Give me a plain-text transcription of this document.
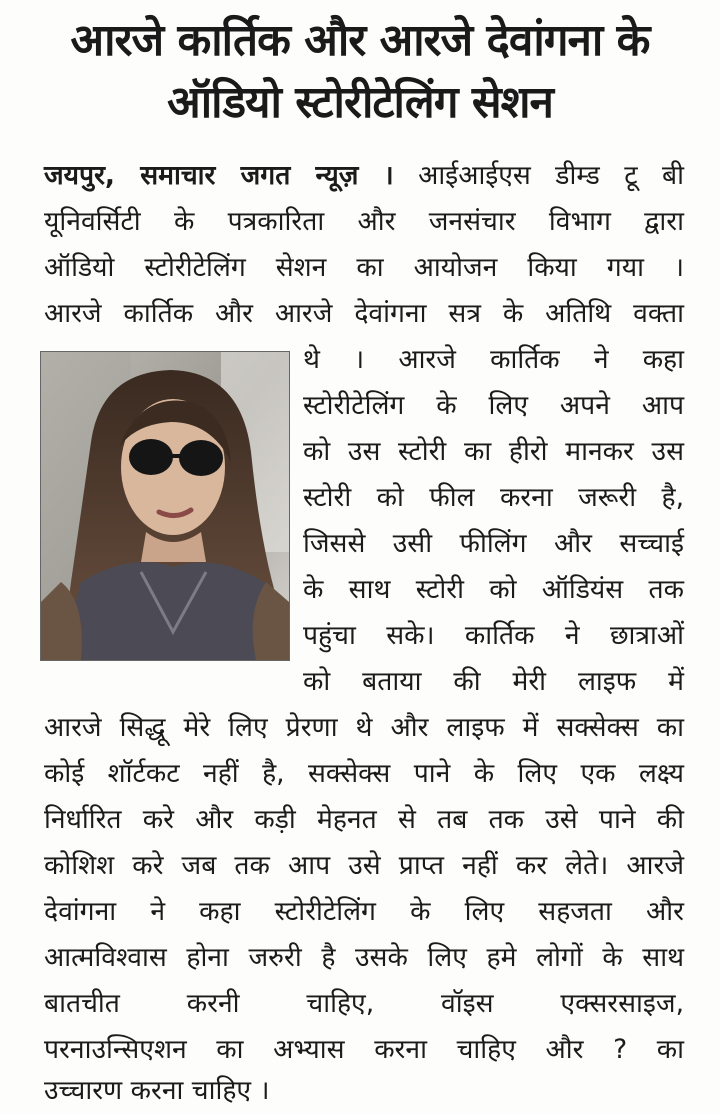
आरजे कार्तिक और आरजे देवांगना के
ऑडियो स्टोरीटेलिंग सेशन
जयपुर, समाचार जगत न्यूज़ । आईआईएस डीम्ड टू बी
यूनिवर्सिटी के पत्रकारिता और जनसंचार विभाग द्वारा
ऑडियो स्टोरीटेलिंग सेशन का आयोजन किया गया ।
आरजे कार्तिक और आरजे देवांगना सत्र के अतिथि वक्ता
थे । आरजे कार्तिक ने कहा
स्टोरीटेलिंग के लिए अपने आप
को उस स्टोरी का हीरो मानकर उस
स्टोरी को फील करना जरूरी है,
जिससे उसी फीलिंग और सच्चाई
के साथ स्टोरी को ऑडियंस तक
पहुंचा सके। कार्तिक ने छात्राओं
को बताया की मेरी लाइफ में
आरजे सिद्धू मेरे लिए प्रेरणा थे और लाइफ में सक्सेक्स का
कोई शॉर्टकट नहीं है, सक्सेक्स पाने के लिए एक लक्ष्य
निर्धारित करे और कड़ी मेहनत से तब तक उसे पाने की
कोशिश करे जब तक आप उसे प्राप्त नहीं कर लेते। आरजे
देवांगना ने कहा स्टोरीटेलिंग के लिए सहजता और
आत्मविश्वास होना जरुरी है उसके लिए हमे लोगों के साथ
बातचीत करनी चाहिए, वॉइस एक्सरसाइज,
परनाउन्सिएशन का अभ्यास करना चाहिए और ? का
उच्चारण करना चाहिए ।
